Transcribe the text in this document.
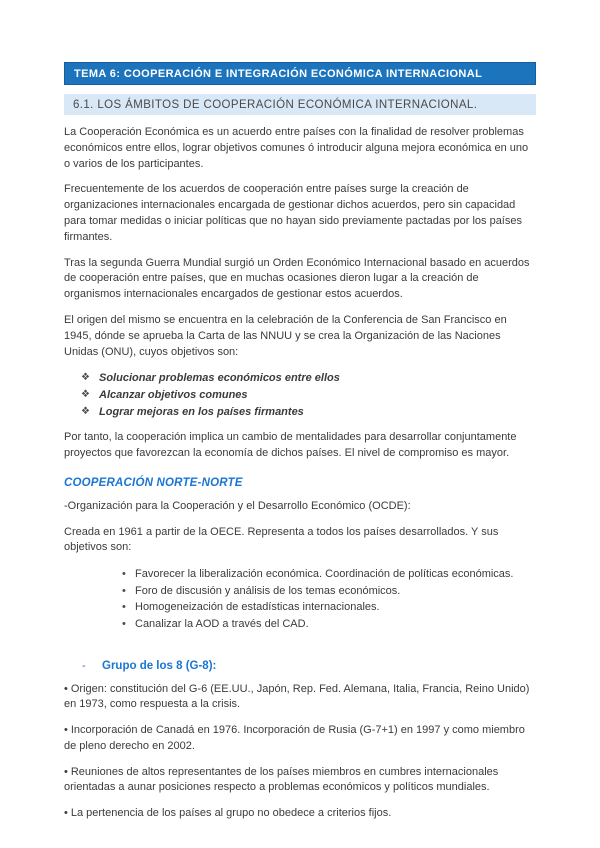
TEMA 6: COOPERACIÓN E INTEGRACIÓN ECONÓMICA INTERNACIONAL
6.1. LOS ÁMBITOS DE COOPERACIÓN ECONÓMICA INTERNACIONAL.

La Cooperación Económica es un acuerdo entre países con la finalidad de resolver problemas económicos entre ellos, lograr objetivos comunes ó introducir alguna mejora económica en uno o varios de los participantes.

Frecuentemente de los acuerdos de cooperación entre países surge la creación de organizaciones internacionales encargada de gestionar dichos acuerdos, pero sin capacidad para tomar medidas o iniciar políticas que no hayan sido previamente pactadas por los países firmantes.

Tras la segunda Guerra Mundial surgió un Orden Económico Internacional basado en acuerdos de cooperación entre países, que en muchas ocasiones dieron lugar a la creación de organismos internacionales encargados de gestionar estos acuerdos.

El origen del mismo se encuentra en la celebración de la Conferencia de San Francisco en 1945, dónde se aprueba la Carta de las NNUU y se crea la Organización de las Naciones Unidas (ONU), cuyos objetivos son:

❖ Solucionar problemas económicos entre ellos
❖ Alcanzar objetivos comunes
❖ Lograr mejoras en los países firmantes

Por tanto, la cooperación implica un cambio de mentalidades para desarrollar conjuntamente proyectos que favorezcan la economía de dichos países. El nivel de compromiso es mayor.

COOPERACIÓN NORTE-NORTE

-Organización para la Cooperación y el Desarrollo Económico (OCDE):

Creada en 1961 a partir de la OECE. Representa a todos los países desarrollados. Y sus objetivos son:

• Favorecer la liberalización económica. Coordinación de políticas económicas.
• Foro de discusión y análisis de los temas económicos.
• Homogeneización de estadísticas internacionales.
• Canalizar la AOD a través del CAD.
-	Grupo de los 8 (G-8):

• Origen: constitución del G-6 (EE.UU., Japón, Rep. Fed. Alemana, Italia, Francia, Reino Unido) en 1973, como respuesta a la crisis.

• Incorporación de Canadá en 1976. Incorporación de Rusia (G-7+1) en 1997 y como miembro de pleno derecho en 2002.

• Reuniones de altos representantes de los países miembros en cumbres internacionales orientadas a aunar posiciones respecto a problemas económicos y políticos mundiales.

• La pertenencia de los países al grupo no obedece a criterios fijos.
